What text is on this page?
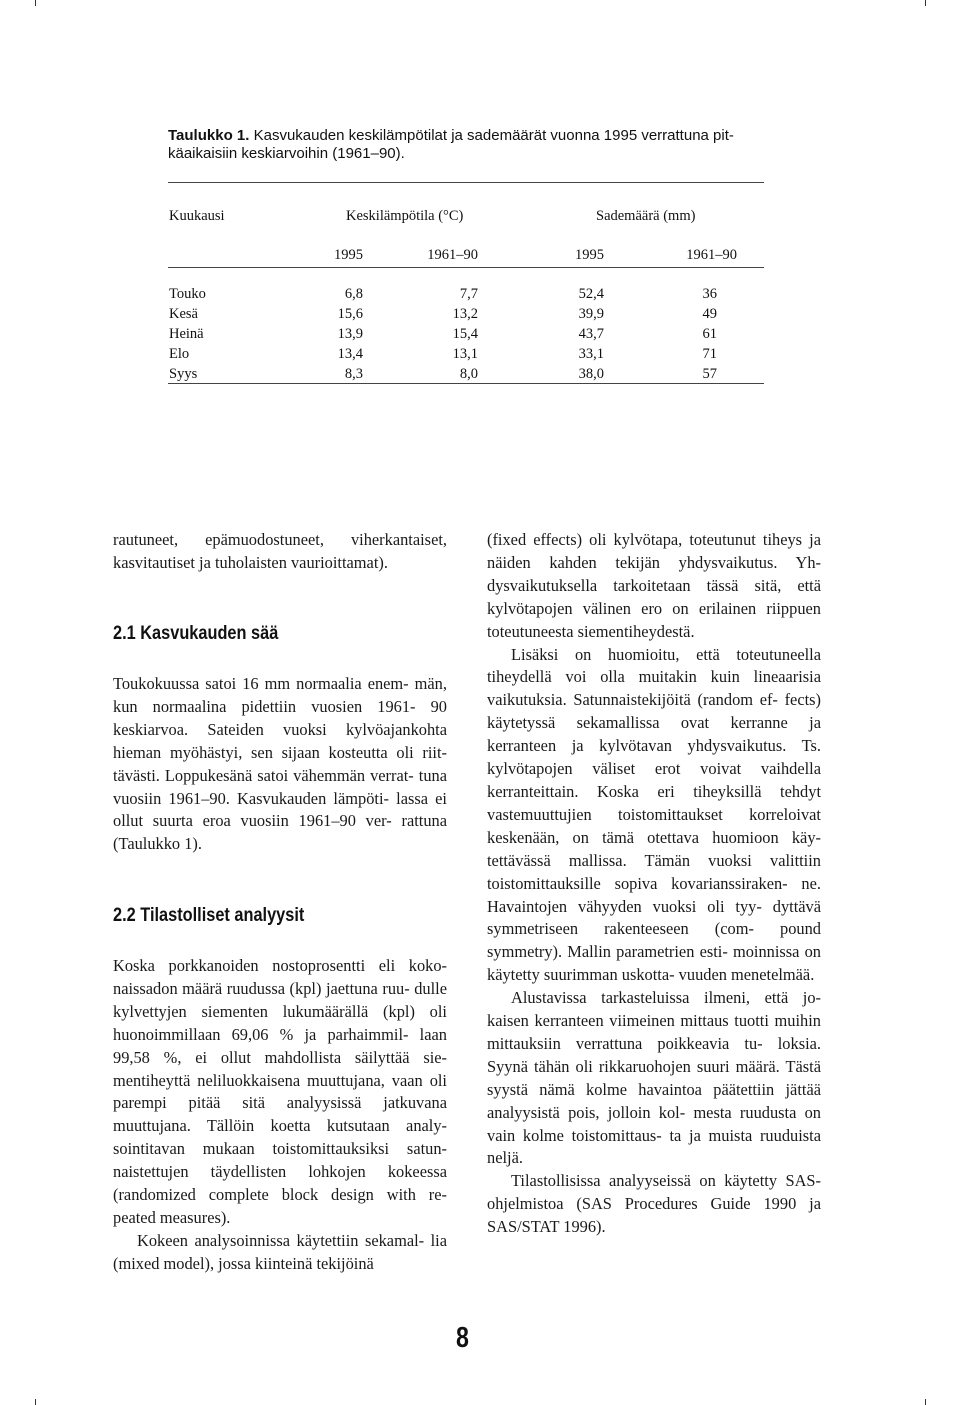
Taulukko 1. Kasvukauden keskilämpötilat ja sademäärät vuonna 1995 verrattuna pit-
käaikaisiin keskiarvoihin (1961–90).
Kuukausi	Keskilämpötila (°C)	Sademäärä (mm)
1995	1961–90	1995	1961–90
Touko	6,8	7,7	52,4	36
Kesä	15,6	13,2	39,9	49
Heinä	13,9	15,4	43,7	61
Elo	13,4	13,1	33,1	71
Syys	8,3	8,0	38,0	57

rautuneet, epämuodostuneet, viherkantaiset, kasvitautiset ja tuholaisten vaurioittamat).

2.1 Kasvukauden sää

Toukokuussa satoi 16 mm normaalia enem- män, kun normaalina pidettiin vuosien 1961- 90 keskiarvoa. Sateiden vuoksi kylvöajankohta hieman myöhästyi, sen sijaan kosteutta oli riit- tävästi. Loppukesänä satoi vähemmän verrat- tuna vuosiin 1961–90. Kasvukauden lämpöti- lassa ei ollut suurta eroa vuosiin 1961–90 ver- rattuna (Taulukko 1).

2.2 Tilastolliset analyysit

Koska porkkanoiden nostoprosentti eli koko- naissadon määrä ruudussa (kpl) jaettuna ruu- dulle kylvettyjen siementen lukumäärällä (kpl) oli huonoimmillaan 69,06 % ja parhaimmil- laan 99,58 %, ei ollut mahdollista säilyttää sie- mentiheyttä neliluokkaisena muuttujana, vaan oli parempi pitää sitä analyysissä jatkuvana muuttujana. Tällöin koetta kutsutaan analy- sointitavan mukaan toistomittauksiksi satun- naistettujen täydellisten lohkojen kokeessa (randomized complete block design with re- peated measures).

Kokeen analysoinnissa käytettiin sekamal- lia (mixed model), jossa kiinteinä tekijöinä

(fixed effects) oli kylvötapa, toteutunut tiheys ja näiden kahden tekijän yhdysvaikutus. Yh- dysvaikutuksella tarkoitetaan tässä sitä, että kylvötapojen välinen ero on erilainen riippuen toteutuneesta siementiheydestä.

Lisäksi on huomioitu, että toteutuneella tiheydellä voi olla muitakin kuin lineaarisia vaikutuksia. Satunnaistekijöitä (random ef- fects) käytetyssä sekamallissa ovat kerranne ja kerranteen ja kylvötavan yhdysvaikutus. Ts. kylvötapojen väliset erot voivat vaihdella kerranteittain. Koska eri tiheyksillä tehdyt vastemuuttujien toistomittaukset korreloivat keskenään, on tämä otettava huomioon käy- tettävässä mallissa. Tämän vuoksi valittiin toistomittauksille sopiva kovarianssiraken- ne. Havaintojen vähyyden vuoksi oli tyy- dyttävä symmetriseen rakenteeseen (com- pound symmetry). Mallin parametrien esti- moinnissa on käytetty suurimman uskotta- vuuden menetelmää.

Alustavissa tarkasteluissa ilmeni, että jo- kaisen kerranteen viimeinen mittaus tuotti muihin mittauksiin verrattuna poikkeavia tu- loksia. Syynä tähän oli rikkaruohojen suuri määrä. Tästä syystä nämä kolme havaintoa päätettiin jättää analyysistä pois, jolloin kol- mesta ruudusta on vain kolme toistomittaus- ta ja muista ruuduista neljä.

Tilastollisissa analyyseissä on käytetty SAS-ohjelmistoa (SAS Procedures Guide 1990 ja SAS/STAT 1996).

8
